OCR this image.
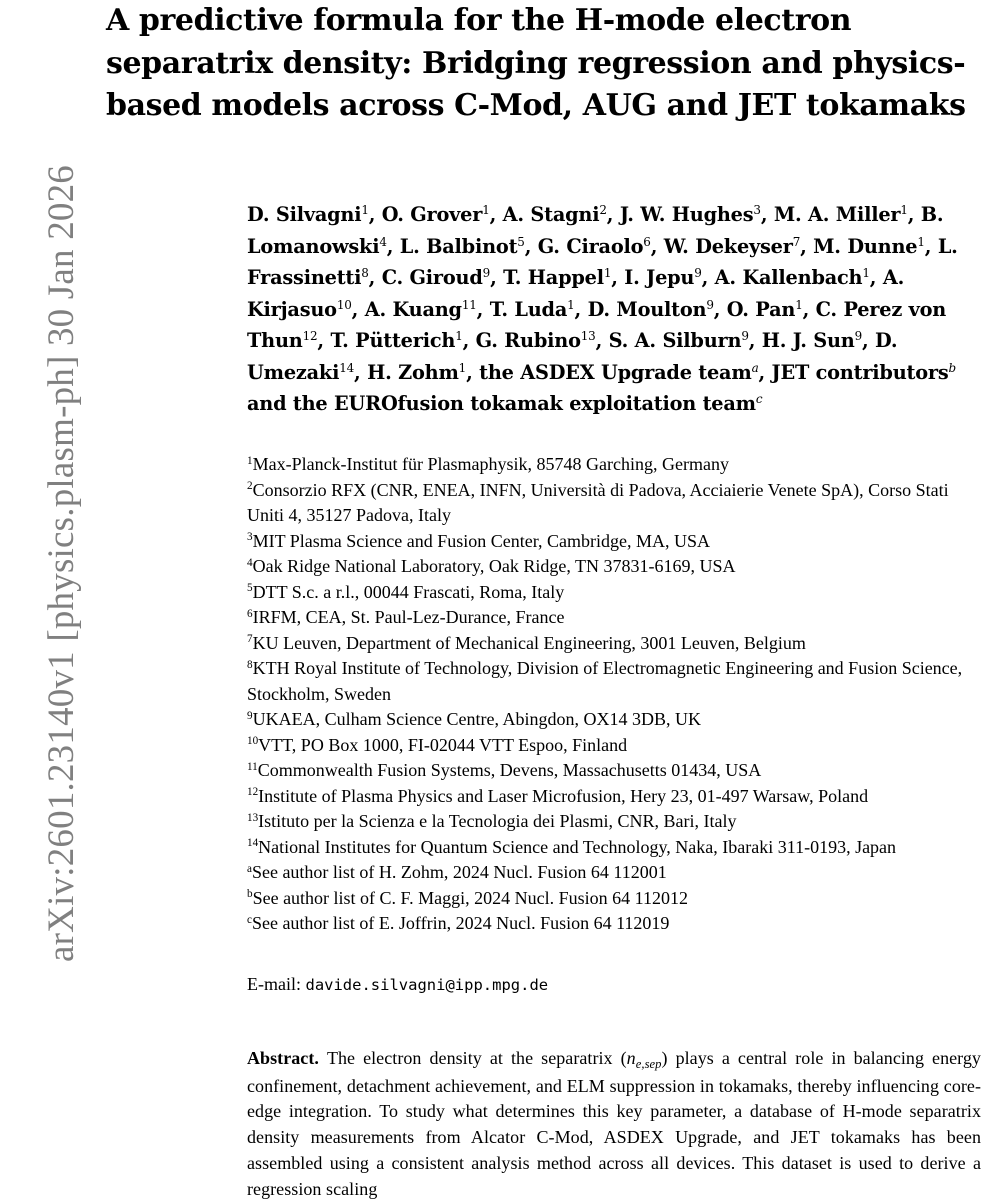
arXiv:2601.23140v1 [physics.plasm-ph] 30 Jan 2026
A predictive formula for the H-mode electron separatrix density: Bridging regression and physics-based models across C-Mod, AUG and JET tokamaks

D. Silvagni$^1$, O. Grover$^1$, A. Stagni$^2$, J. W. Hughes$^3$, M. A. Miller$^1$, B. Lomanowski$^4$, L. Balbinot$^5$, G. Ciraolo$^6$, W. Dekeyser$^7$, M. Dunne$^1$, L. Frassinetti$^8$, C. Giroud$^9$, T. Happel$^1$, I. Jepu$^9$, A. Kallenbach$^1$, A. Kirjasuo$^{10}$, A. Kuang$^{11}$, T. Luda$^1$, D. Moulton$^9$, O. Pan$^1$, C. Perez von Thun$^{12}$, T. Pütterich$^1$, G. Rubino$^{13}$, S. A. Silburn$^9$, H. J. Sun$^9$, D. Umezaki$^{14}$, H. Zohm$^1$, the ASDEX Upgrade team$^a$, JET contributors$^b$ and the EUROfusion tokamak exploitation team$^c$

$^1$Max-Planck-Institut für Plasmaphysik, 85748 Garching, Germany
$^2$Consorzio RFX (CNR, ENEA, INFN, Università di Padova, Acciaierie Venete SpA), Corso Stati Uniti 4, 35127 Padova, Italy
$^3$MIT Plasma Science and Fusion Center, Cambridge, MA, USA
$^4$Oak Ridge National Laboratory, Oak Ridge, TN 37831-6169, USA
$^5$DTT S.c. a r.l., 00044 Frascati, Roma, Italy
$^6$IRFM, CEA, St. Paul-Lez-Durance, France
$^7$KU Leuven, Department of Mechanical Engineering, 3001 Leuven, Belgium
$^8$KTH Royal Institute of Technology, Division of Electromagnetic Engineering and Fusion Science, Stockholm, Sweden
$^9$UKAEA, Culham Science Centre, Abingdon, OX14 3DB, UK
$^{10}$VTT, PO Box 1000, FI-02044 VTT Espoo, Finland
$^{11}$Commonwealth Fusion Systems, Devens, Massachusetts 01434, USA
$^{12}$Institute of Plasma Physics and Laser Microfusion, Hery 23, 01-497 Warsaw, Poland
$^{13}$Istituto per la Scienza e la Tecnologia dei Plasmi, CNR, Bari, Italy
$^{14}$National Institutes for Quantum Science and Technology, Naka, Ibaraki 311-0193, Japan
$^a$See author list of H. Zohm, 2024 Nucl. Fusion 64 112001
$^b$See author list of C. F. Maggi, 2024 Nucl. Fusion 64 112012
$^c$See author list of E. Joffrin, 2024 Nucl. Fusion 64 112019
E-mail: davide.silvagni@ipp.mpg.de

Abstract. The electron density at the separatrix $(n_{e,sep})$ plays a central role in balancing energy confinement, detachment achievement, and ELM suppression in tokamaks, thereby influencing core-edge integration. To study what determines this key parameter, a database of H-mode separatrix density measurements from Alcator C-Mod, ASDEX Upgrade, and JET tokamaks has been assembled using a consistent analysis method across all devices. This dataset is used to derive a regression scaling
